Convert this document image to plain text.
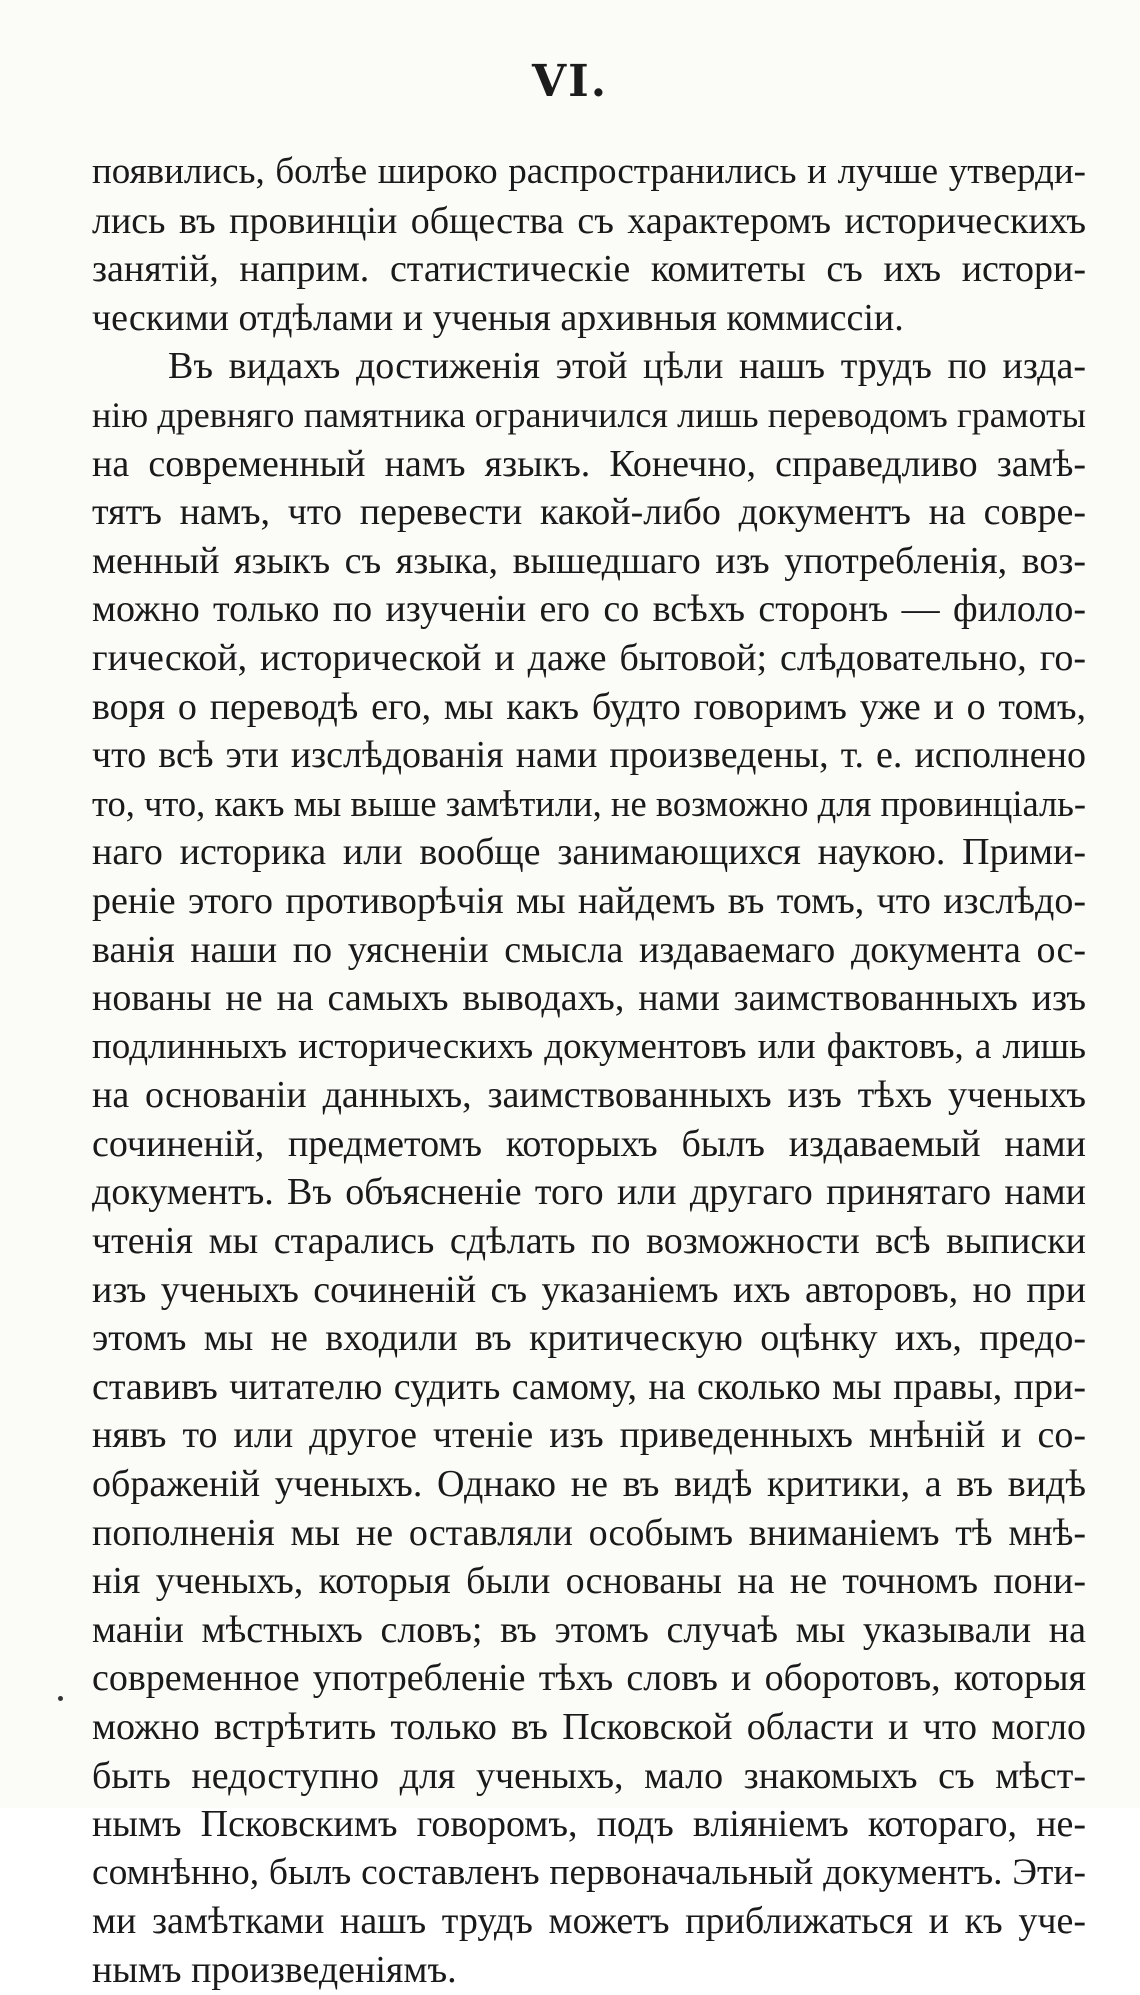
VI.
появились, болѣе широко распространились и лучше утверди-
лись въ провинціи общества съ характеромъ историческихъ
занятій, наприм. статистическіе комитеты съ ихъ истори-
ческими отдѣлами и ученыя архивныя коммиссіи.
Въ видахъ достиженія этой цѣли нашъ трудъ по изда-
нію древняго памятника ограничился лишь переводомъ грамоты
на современный намъ языкъ. Конечно, справедливо замѣ-
тятъ намъ, что перевести какой-либо документъ на совре-
менный языкъ съ языка, вышедшаго изъ употребленія, воз-
можно только по изученіи его со всѣхъ сторонъ — филоло-
гической, исторической и даже бытовой; слѣдовательно, го-
воря о переводѣ его, мы какъ будто говоримъ уже и о томъ,
что всѣ эти изслѣдованія нами произведены, т. е. исполнено
то, что, какъ мы выше замѣтили, не возможно для провинціаль-
наго историка или вообще занимающихся наукою. Прими-
реніе этого противорѣчія мы найдемъ въ томъ, что изслѣдо-
ванія наши по уясненіи смысла издаваемаго документа ос-
нованы не на самыхъ выводахъ, нами заимствованныхъ изъ
подлинныхъ историческихъ документовъ или фактовъ, а лишь
на основаніи данныхъ, заимствованныхъ изъ тѣхъ ученыхъ
сочиненій, предметомъ которыхъ былъ издаваемый нами
документъ. Въ объясненіе того или другаго принятаго нами
чтенія мы старались сдѣлать по возможности всѣ выписки
изъ ученыхъ сочиненій съ указаніемъ ихъ авторовъ, но при
этомъ мы не входили въ критическую оцѣнку ихъ, предо-
ставивъ читателю судить самому, на сколько мы правы, при-
нявъ то или другое чтеніе изъ приведенныхъ мнѣній и со-
ображеній ученыхъ. Однако не въ видѣ критики, а въ видѣ
пополненія мы не оставляли особымъ вниманіемъ тѣ мнѣ-
нія ученыхъ, которыя были основаны на не точномъ пони-
маніи мѣстныхъ словъ; въ этомъ случаѣ мы указывали на
современное употребленіе тѣхъ словъ и оборотовъ, которыя
можно встрѣтить только въ Псковской области и что могло
быть недоступно для ученыхъ, мало знакомыхъ съ мѣст-
нымъ Псковскимъ говоромъ, подъ вліяніемъ котораго, не-
сомнѣнно, былъ составленъ первоначальный документъ. Эти-
ми замѣтками нашъ трудъ можетъ приближаться и къ уче-
нымъ произведеніямъ.
